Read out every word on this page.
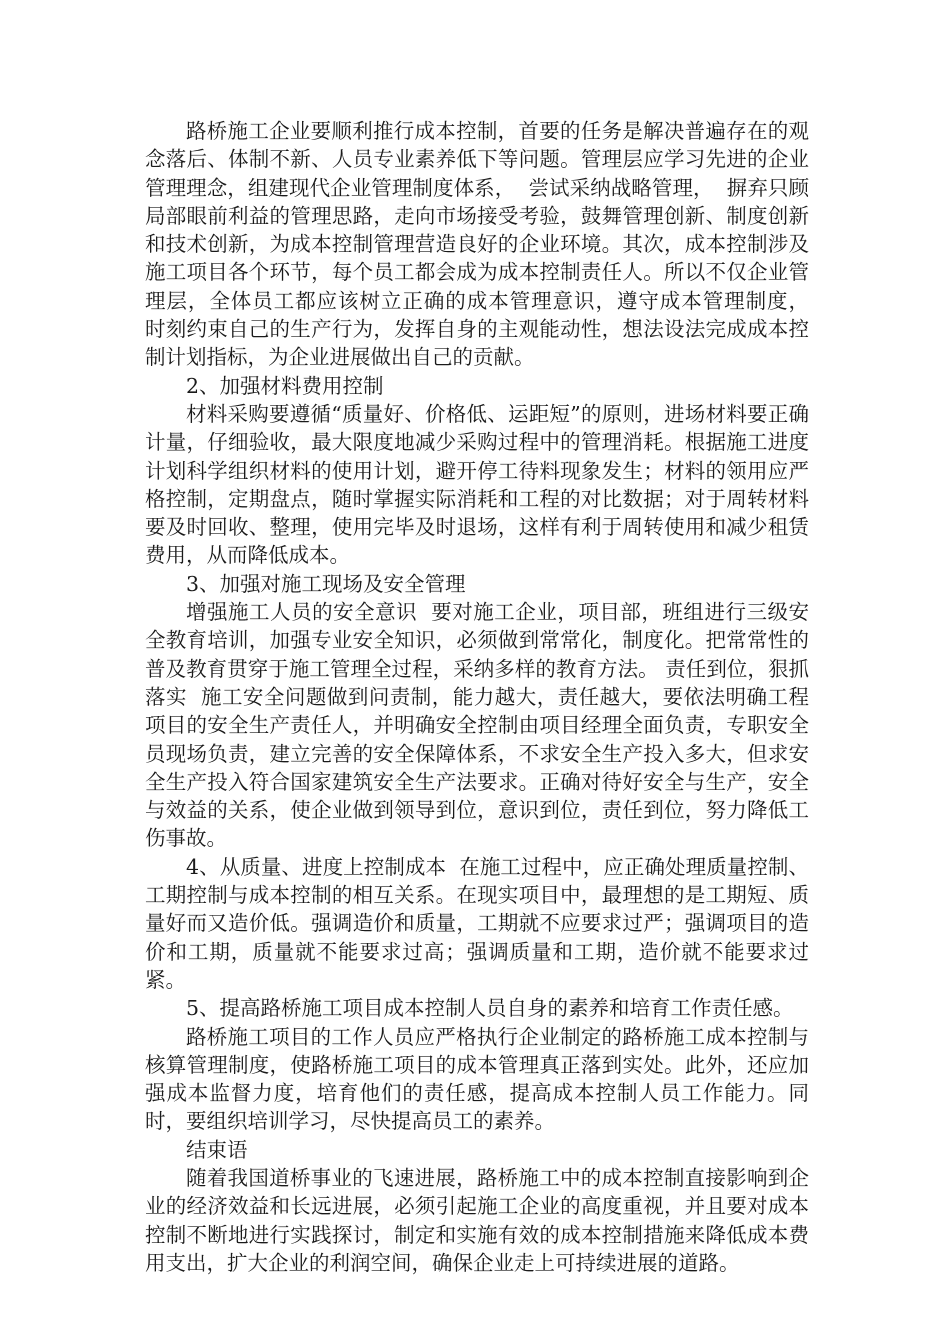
路桥施工企业要顺利推行成本控制，首要的任务是解决普遍存在的观念落后、体制不新、人员专业素养低下等问题。管理层应学习先进的企业管理理念，组建现代企业管理制度体系，  尝试采纳战略管理，  摒弃只顾局部眼前利益的管理思路，走向市场接受考验，鼓舞管理创新、制度创新和技术创新，为成本控制管理营造良好的企业环境。其次，成本控制涉及施工项目各个环节，每个员工都会成为成本控制责任人。所以不仅企业管理层，全体员工都应该树立正确的成本管理意识，遵守成本管理制度，  时刻约束自己的生产行为，发挥自身的主观能动性，想法设法完成成本控制计划指标，为企业进展做出自己的贡献。

2、加强材料费用控制

材料采购要遵循“质量好、价格低、运距短”的原则，进场材料要正确计量，仔细验收，最大限度地减少采购过程中的管理消耗。根据施工进度计划科学组织材料的使用计划，避开停工待料现象发生；材料的领用应严格控制，定期盘点，随时掌握实际消耗和工程的对比数据；对于周转材料要及时回收、整理，使用完毕及时退场，这样有利于周转使用和减少租赁费用，从而降低成本。

3、加强对施工现场及安全管理

增强施工人员的安全意识  要对施工企业，项目部，班组进行三级安全教育培训，加强专业安全知识，必须做到常常化，制度化。把常常性的普及教育贯穿于施工管理全过程，采纳多样的教育方法。 责任到位，狠抓落实  施工安全问题做到问责制，能力越大，责任越大，要依法明确工程项目的安全生产责任人，并明确安全控制由项目经理全面负责，专职安全员现场负责，建立完善的安全保障体系，不求安全生产投入多大，但求安全生产投入符合国家建筑安全生产法要求。正确对待好安全与生产，安全与效益的关系，使企业做到领导到位，意识到位，责任到位，努力降低工伤事故。

4、从质量、进度上控制成本  在施工过程中，应正确处理质量控制、工期控制与成本控制的相互关系。在现实项目中，最理想的是工期短、质量好而又造价低。强调造价和质量，工期就不应要求过严；强调项目的造价和工期，质量就不能要求过高；强调质量和工期，造价就不能要求过紧。

5、提高路桥施工项目成本控制人员自身的素养和培育工作责任感。

路桥施工项目的工作人员应严格执行企业制定的路桥施工成本控制与核算管理制度，使路桥施工项目的成本管理真正落到实处。此外，还应加强成本监督力度，培育他们的责任感，提高成本控制人员工作能力。同时，要组织培训学习，尽快提高员工的素养。

结束语

随着我国道桥事业的飞速进展，路桥施工中的成本控制直接影响到企业的经济效益和长远进展，必须引起施工企业的高度重视，并且要对成本控制不断地进行实践探讨，制定和实施有效的成本控制措施来降低成本费用支出，扩大企业的利润空间，确保企业走上可持续进展的道路。
